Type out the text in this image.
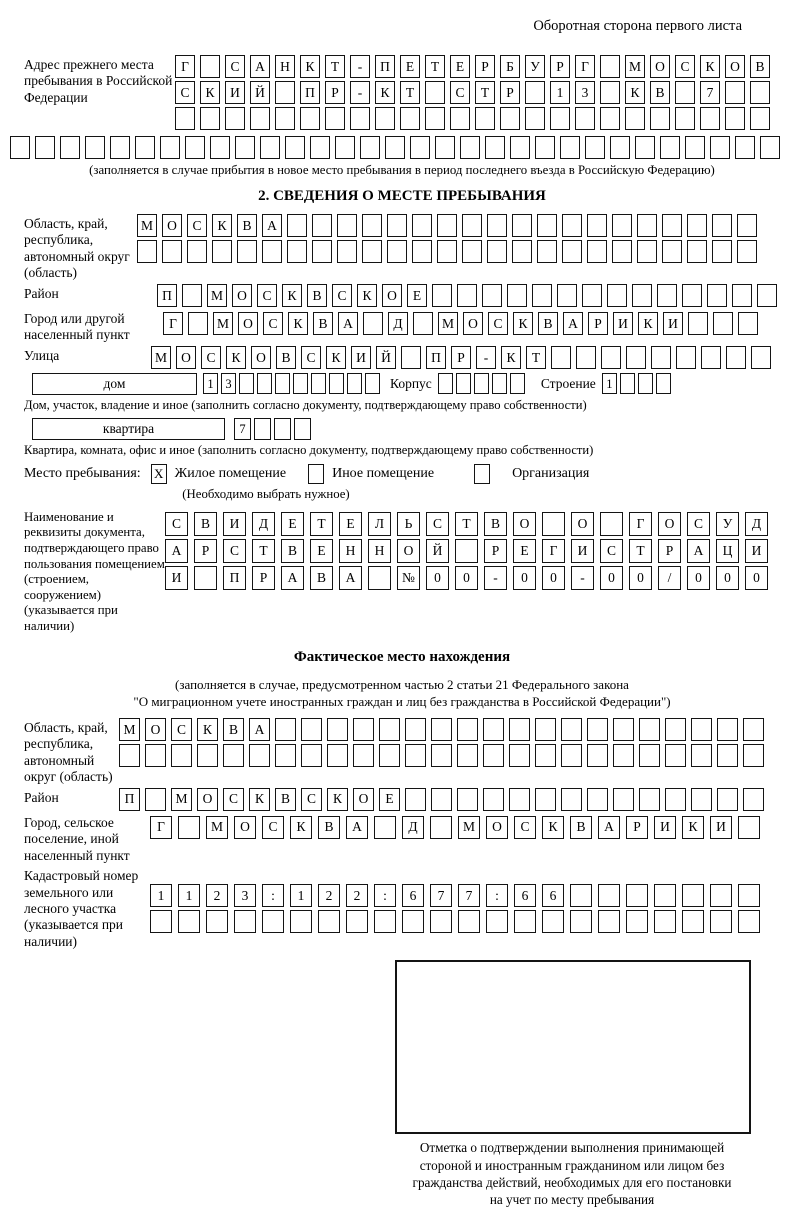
Оборотная сторона первого листа
Адрес прежнего места пребывания в Российской Федерации
Г	С	А	Н	К	Т	-	П	Е	Т	Е	Р	Б	У	Р	Г	М	О	С	К	О	В
С	К	И	Й	П	Р	-	К	Т	С	Т	Р	1	3	К	В	7
(заполняется в случае прибытия в новое место пребывания в период последнего въезда в Российскую Федерацию)
2. СВЕДЕНИЯ О МЕСТЕ ПРЕБЫВАНИЯ
Область, край, республика, автономный округ (область)
М	О	С	К	В	А
Район	П	М	О	С	К	В	С	К	О	Е
Город или другой населенный пункт
Г	М	О	С	К	В	А	Д	М	О	С	К	В	А	Р	И	К	И
Улица	М	О	С	К	О	В	С	К	И	Й	П	Р	-	К	Т
дом	1 3	Корпус	Строение 1
Дом, участок, владение и иное (заполнить согласно документу, подтверждающему право собственности)
квартира	7
Квартира, комната, офис и иное (заполнить согласно документу, подтверждающему право собственности)
Место пребывания: X Жилое помещение	Иное помещение	Организация
(Необходимо выбрать нужное)
Наименование и реквизиты документа, подтверждающего право пользования помещением (строением, сооружением) (указывается при наличии)
С	В	И	Д	Е	Т	Е	Л	Ь	С	Т	В	О	О	Г	О	С	У	Д
А	Р	С	Т	В	Е	Н	Н	О	Й	Р	Е	Г	И	С	Т	Р	А	Ц	И
И	П	Р	А	В	А	№	0	0	-	0	0	-	0	0	/	0	0	0
Фактическое место нахождения
(заполняется в случае, предусмотренном частью 2 статьи 21 Федерального закона
"О миграционном учете иностранных граждан и лиц без гражданства в Российской Федерации")
Область, край, республика, автономный округ (область)
М	О	С	К	В	А
Район	П	М	О	С	К	В	С	К	О	Е
Город, сельское поселение, иной населенный пункт
Г	М	О	С	К	В	А	Д	М	О	С	К	В	А	Р	И	К	И
Кадастровый номер земельного или лесного участка (указывается при наличии)
1	1	2	3	:	1	2	2	:	6	7	7	:	6	6
Отметка о подтверждении выполнения принимающей
стороной и иностранным гражданином или лицом без
гражданства действий, необходимых для его постановки
на учет по месту пребывания
